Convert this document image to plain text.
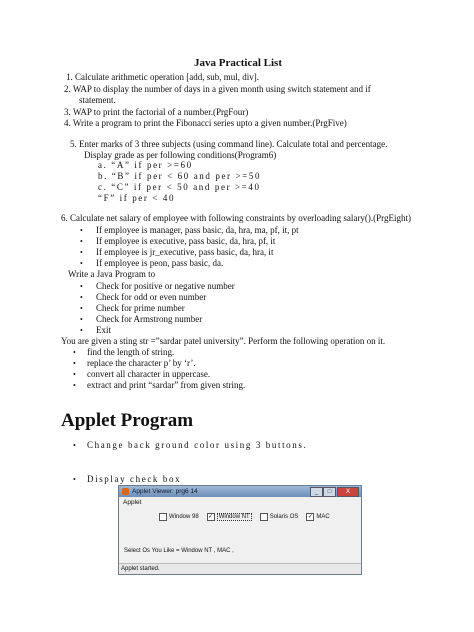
Java Practical List
1. Calculate arithmetic operation [add, sub, mul, div].
2. WAP to display the number of days in a given month using switch statement and if
statement.
3. WAP to print the factorial of a number.(PrgFour)
4. Write a program to print the Fibonacci series upto a given number.(PrgFive)
5. Enter marks of 3 three subjects (using command line). Calculate total and percentage.
Display grade as per following conditions(Program6)
a. “A” if per >=60
b. “B” if per < 60 and per >=50
c. “C” if per < 50 and per >=40
“F” if per < 40
6. Calculate net salary of employee with following constraints by overloading salary().(PrgEight)
• If employee is manager, pass basic, da, hra, ma, pf, it, pt
• If employee is executive, pass basic, da, hra, pf, it
• If employee is jr_executive, pass basic, da, hra, it
• If employee is peon, pass basic, da.
Write a Java Program to
• Check for positive or negative number
• Check for odd or even number
• Check for prime number
• Check for Armstrong number
• Exit
You are given a sting str =”sardar patel university”. Perform the following operation on it.
• find the length of string.
• replace the character p’ by ‘r’.
• convert all character in uppercase.
• extract and print “sardar” from given string.
Applet Program
• Change back ground color using 3 buttons.
• Display check box
Applet Viewer: prg6 14	_	□	X
Applet
Window 98 ✓ Window NT	Solaris OS ✓ MAC
Select Os You Like = Window NT , MAC ,
Applet started.
